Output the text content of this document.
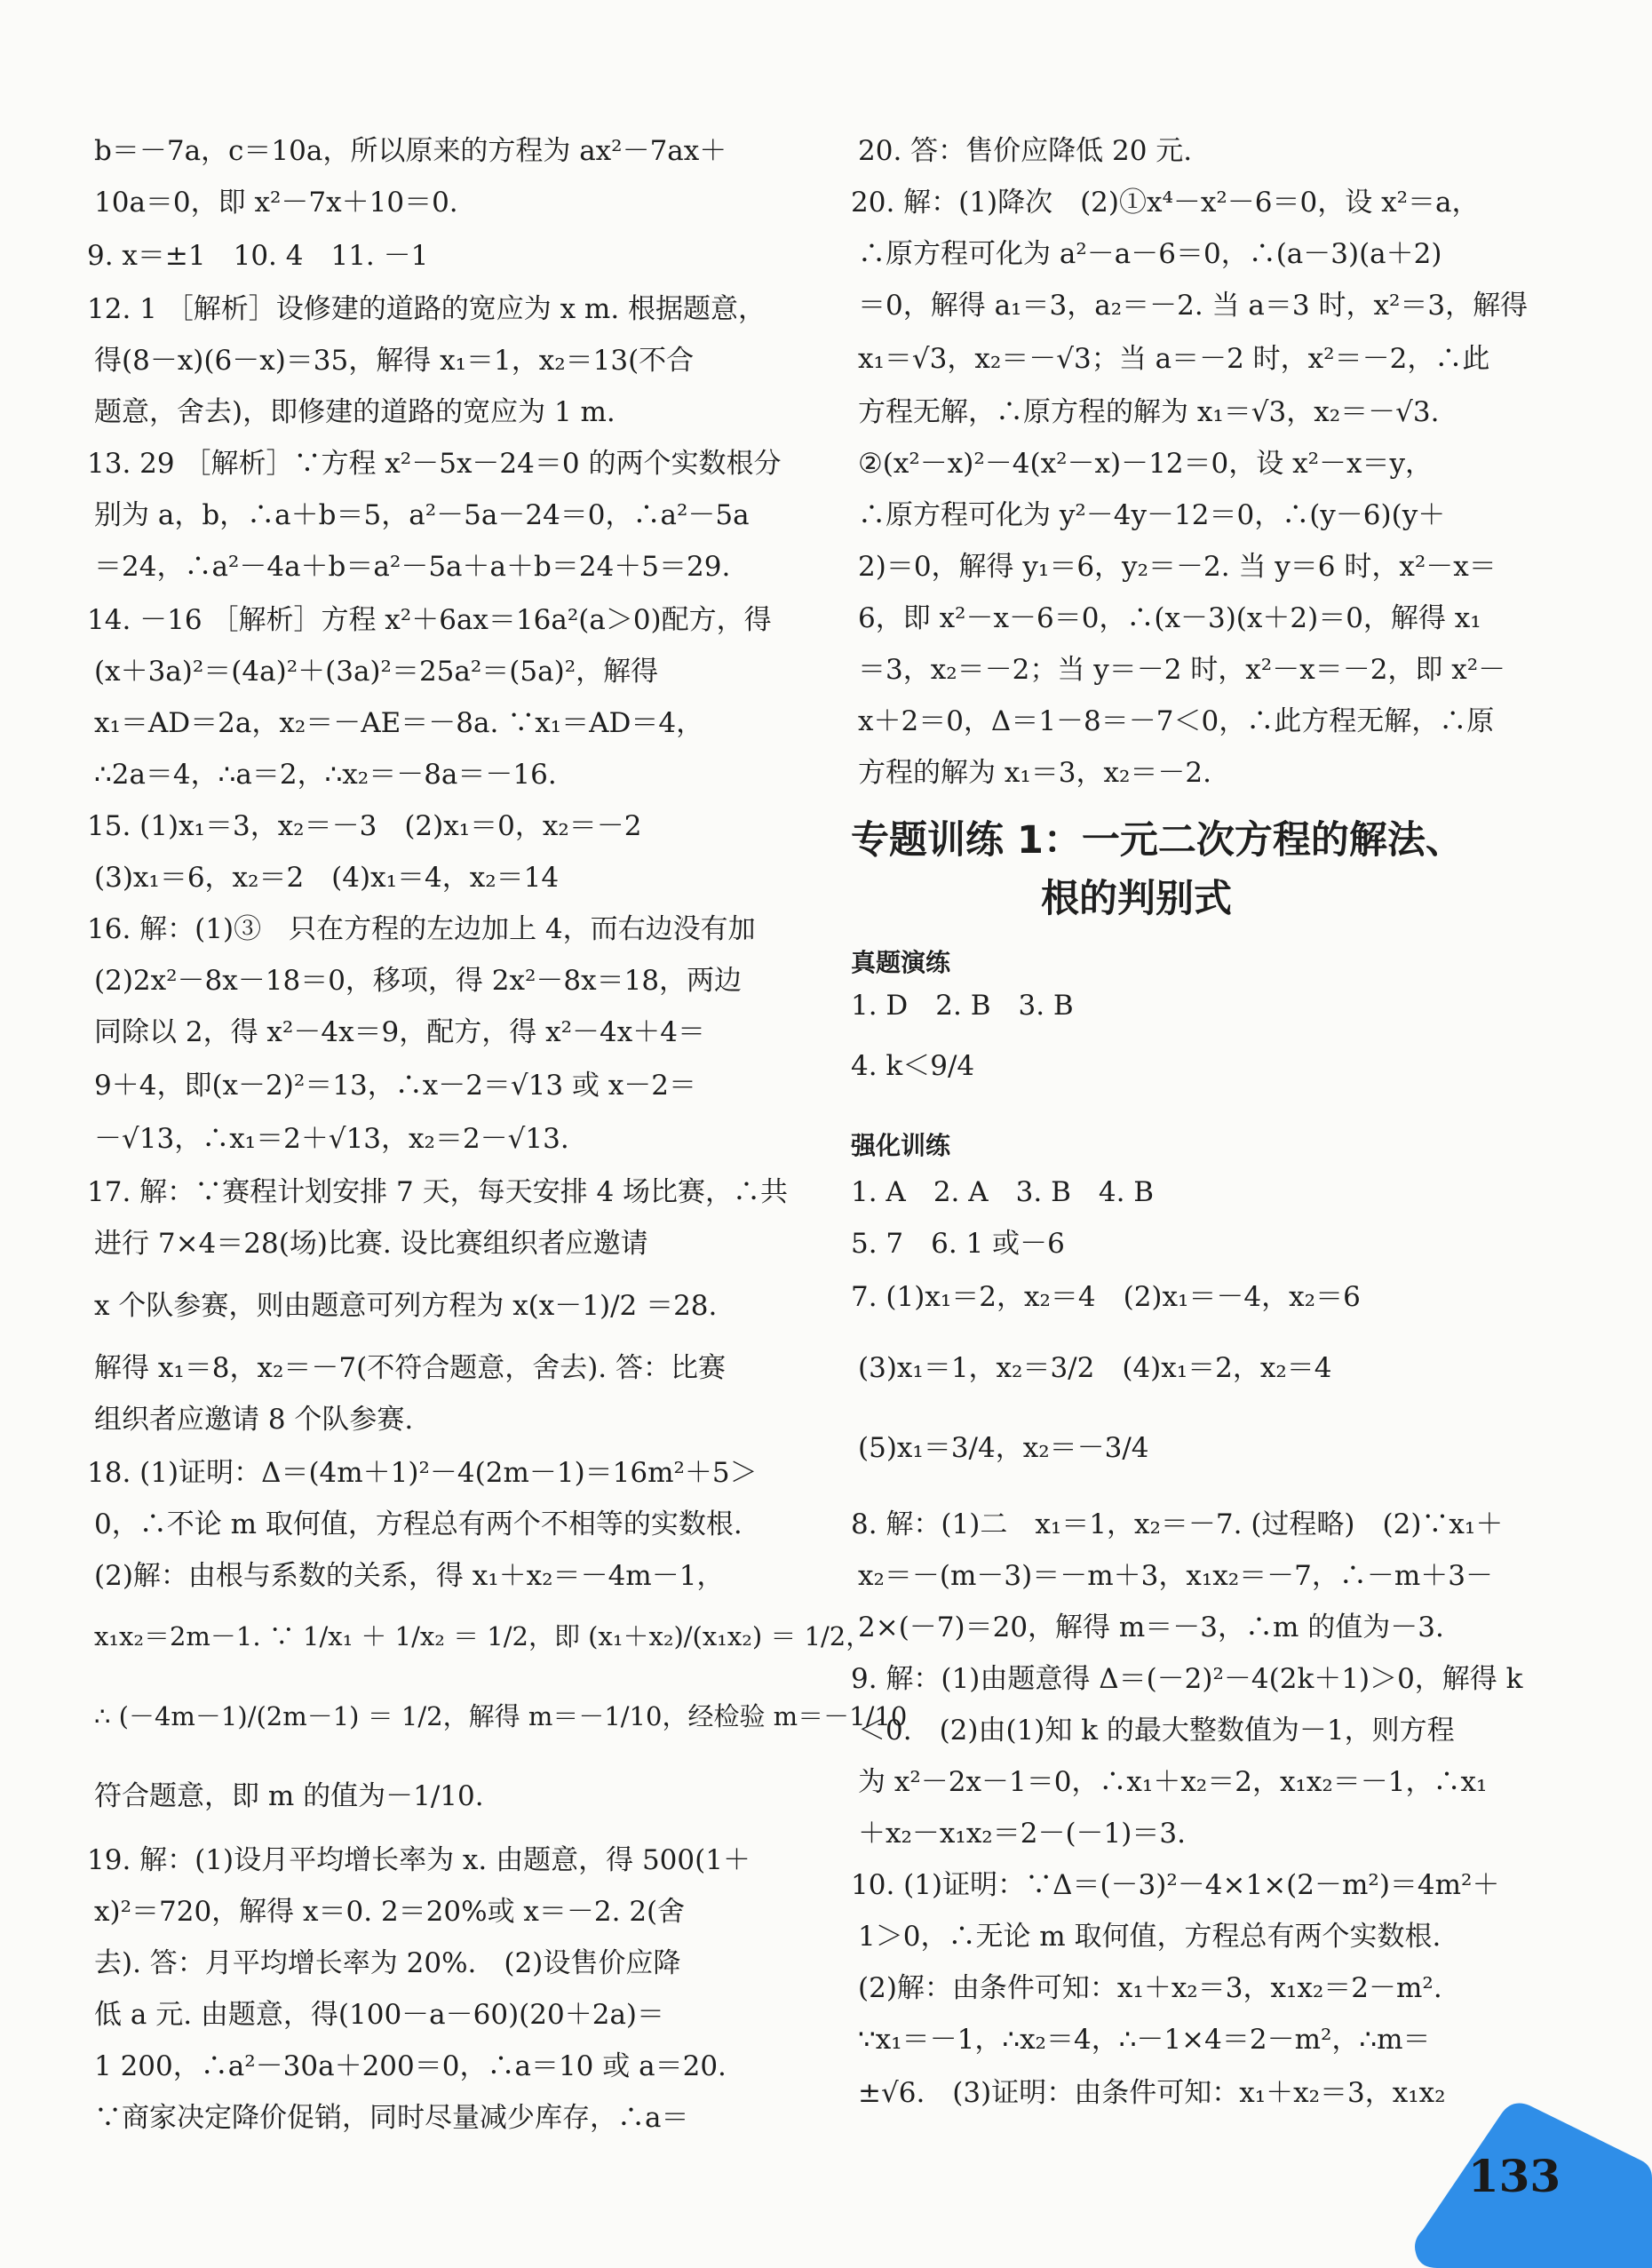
b＝－7a，c＝10a，所以原来的方程为 ax²－7ax＋
10a＝0，即 x²－7x＋10＝0.
9. x＝±1　10. 4　11. －1
12. 1 ［解析］设修建的道路的宽应为 x m. 根据题意，
得(8－x)(6－x)＝35，解得 x₁＝1，x₂＝13(不合
题意，舍去)，即修建的道路的宽应为 1 m.
13. 29 ［解析］∵方程 x²－5x－24＝0 的两个实数根分
别为 a，b，∴a＋b＝5，a²－5a－24＝0，∴a²－5a
＝24，∴a²－4a＋b＝a²－5a＋a＋b＝24＋5＝29.
14. －16 ［解析］方程 x²＋6ax＝16a²(a＞0)配方，得
(x＋3a)²＝(4a)²＋(3a)²＝25a²＝(5a)²，解得
x₁＝AD＝2a，x₂＝－AE＝－8a. ∵x₁＝AD＝4，
∴2a＝4，∴a＝2，∴x₂＝－8a＝－16.
15. (1)x₁＝3，x₂＝－3　(2)x₁＝0，x₂＝－2
(3)x₁＝6，x₂＝2　(4)x₁＝4，x₂＝14
16. 解：(1)③　只在方程的左边加上 4，而右边没有加
(2)2x²－8x－18＝0，移项，得 2x²－8x＝18，两边
同除以 2，得 x²－4x＝9，配方，得 x²－4x＋4＝
9＋4，即(x－2)²＝13，∴x－2＝√13 或 x－2＝
－√13，∴x₁＝2＋√13，x₂＝2－√13.
17. 解：∵赛程计划安排 7 天，每天安排 4 场比赛，∴共
进行 7×4＝28(场)比赛. 设比赛组织者应邀请
x 个队参赛，则由题意可列方程为 x(x－1)/2 ＝28.
解得 x₁＝8，x₂＝－7(不符合题意，舍去). 答：比赛
组织者应邀请 8 个队参赛.
18. (1)证明：Δ＝(4m＋1)²－4(2m－1)＝16m²＋5＞
0，∴不论 m 取何值，方程总有两个不相等的实数根.
(2)解：由根与系数的关系，得 x₁＋x₂＝－4m－1，
x₁x₂＝2m－1. ∵ 1/x₁ ＋ 1/x₂ ＝ 1/2，即 (x₁＋x₂)/(x₁x₂) ＝ 1/2，
∴ (－4m－1)/(2m－1) ＝ 1/2，解得 m＝－1/10，经检验 m＝－1/10
符合题意，即 m 的值为－1/10.
19. 解：(1)设月平均增长率为 x. 由题意，得 500(1＋
x)²＝720，解得 x＝0. 2＝20%或 x＝－2. 2(舍
去). 答：月平均增长率为 20%.　(2)设售价应降
低 a 元. 由题意，得(100－a－60)(20＋2a)＝
1 200，∴a²－30a＋200＝0，∴a＝10 或 a＝20.
∵商家决定降价促销，同时尽量减少库存，∴a＝
20. 答：售价应降低 20 元.
20. 解：(1)降次　(2)①x⁴－x²－6＝0，设 x²＝a，
∴原方程可化为 a²－a－6＝0，∴(a－3)(a＋2)
＝0，解得 a₁＝3，a₂＝－2. 当 a＝3 时，x²＝3，解得
x₁＝√3，x₂＝－√3；当 a＝－2 时，x²＝－2，∴此
方程无解，∴原方程的解为 x₁＝√3，x₂＝－√3.
②(x²－x)²－4(x²－x)－12＝0，设 x²－x＝y，
∴原方程可化为 y²－4y－12＝0，∴(y－6)(y＋
2)＝0，解得 y₁＝6，y₂＝－2. 当 y＝6 时，x²－x＝
6，即 x²－x－6＝0，∴(x－3)(x＋2)＝0，解得 x₁
＝3，x₂＝－2；当 y＝－2 时，x²－x＝－2，即 x²－
x＋2＝0，Δ＝1－8＝－7＜0，∴此方程无解，∴原
方程的解为 x₁＝3，x₂＝－2.
专题训练 1：一元二次方程的解法、
根的判别式
真题演练
1. D　2. B　3. B
4. k＜9/4
强化训练
1. A　2. A　3. B　4. B
5. 7　6. 1 或－6
7. (1)x₁＝2，x₂＝4　(2)x₁＝－4，x₂＝6
(3)x₁＝1，x₂＝3/2　(4)x₁＝2，x₂＝4
(5)x₁＝3/4，x₂＝－3/4
8. 解：(1)二　x₁＝1，x₂＝－7. (过程略)　(2)∵x₁＋
x₂＝－(m－3)＝－m＋3，x₁x₂＝－7，∴－m＋3－
2×(－7)＝20，解得 m＝－3，∴m 的值为－3.
9. 解：(1)由题意得 Δ＝(－2)²－4(2k＋1)＞0，解得 k
＜0.　(2)由(1)知 k 的最大整数值为－1，则方程
为 x²－2x－1＝0，∴x₁＋x₂＝2，x₁x₂＝－1，∴x₁
＋x₂－x₁x₂＝2－(－1)＝3.
10. (1)证明：∵Δ＝(－3)²－4×1×(2－m²)＝4m²＋
1＞0，∴无论 m 取何值，方程总有两个实数根.
(2)解：由条件可知：x₁＋x₂＝3，x₁x₂＝2－m².
∵x₁＝－1，∴x₂＝4，∴－1×4＝2－m²，∴m＝
±√6.　(3)证明：由条件可知：x₁＋x₂＝3，x₁x₂
133
